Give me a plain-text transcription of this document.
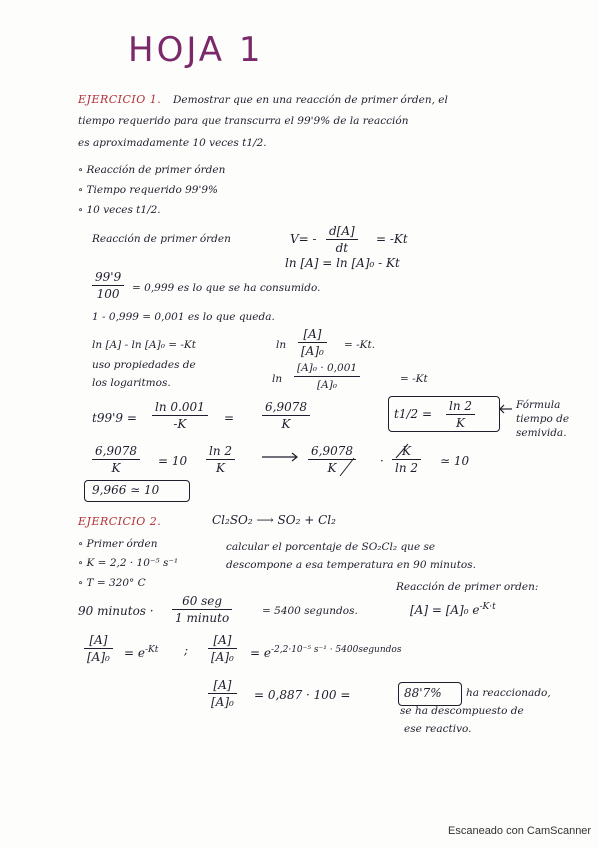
HOJA 1
EJERCICIO 1. Demostrar que en una reacción de primer órden, el
tiempo requerido para que transcurra el 99'9% de la reacción
es aproximadamente 10 veces t1/2.
∘ Reacción de primer órden
∘ Tiempo requerido 99'9%
∘ 10 veces t1/2.
Reacción de primer órden	$V= - \frac{d[A]}{dt} = -Kt$
ln [A] = ln [A]₀ - Kt
$\frac{99'9}{100} = 0,999$ es lo que se ha consumido.
1 - 0,999 = 0,001 es lo que queda.
ln [A] - ln [A]₀ = -Kt	$\ln \frac{[A]}{\text{[A]₀}} = -Kt$.
uso propiedades de
los logaritmos.	$\ln \frac{\text{[A]₀ · 0,001}}{\text{[A]₀}}$	= -Kt
$t99'9 = \frac{\ln 0.001}{-K} = \frac{6,9078}{K}$	$t1/2 = \frac{\ln 2}{K}$	Fórmula
tiempo de
semivida.
$\frac{6,9078}{K} = 10 \frac{\ln 2}{K}$	$\frac{6,9078}{K} \cdot \frac{K}{\ln 2}$ ≃ 10
9,966 ≃ 10
EJERCICIO 2.	Cl₂SO₂ ⟶ SO₂ + Cl₂
∘ Primer órden
∘ K = 2,2 · 10⁻⁵ s⁻¹
∘ T = 320° C
calcular el porcentaje de SO₂Cl₂ que se
descompone a esa temperatura en 90 minutos.
Reacción de primer orden:
[A] = [A]₀ $e^{-K\cdot t}$
90 minutos ·
60 seg
1 minuto	= 5400 segundos.
$\frac{[A]}{\text{[A]₀}} = e^{-Kt}$ ; $\frac{[A]}{\text{[A]₀}} = e^{-2,2\cdot 10^{-5} s^{-1} \cdot 5400segundos}$
$\frac{[A]}{\text{[A]₀}} = 0,887 \cdot 100$ =	88'7% ha reaccionado,
se ha descompuesto de
ese reactivo.
Escaneado con CamScanner
